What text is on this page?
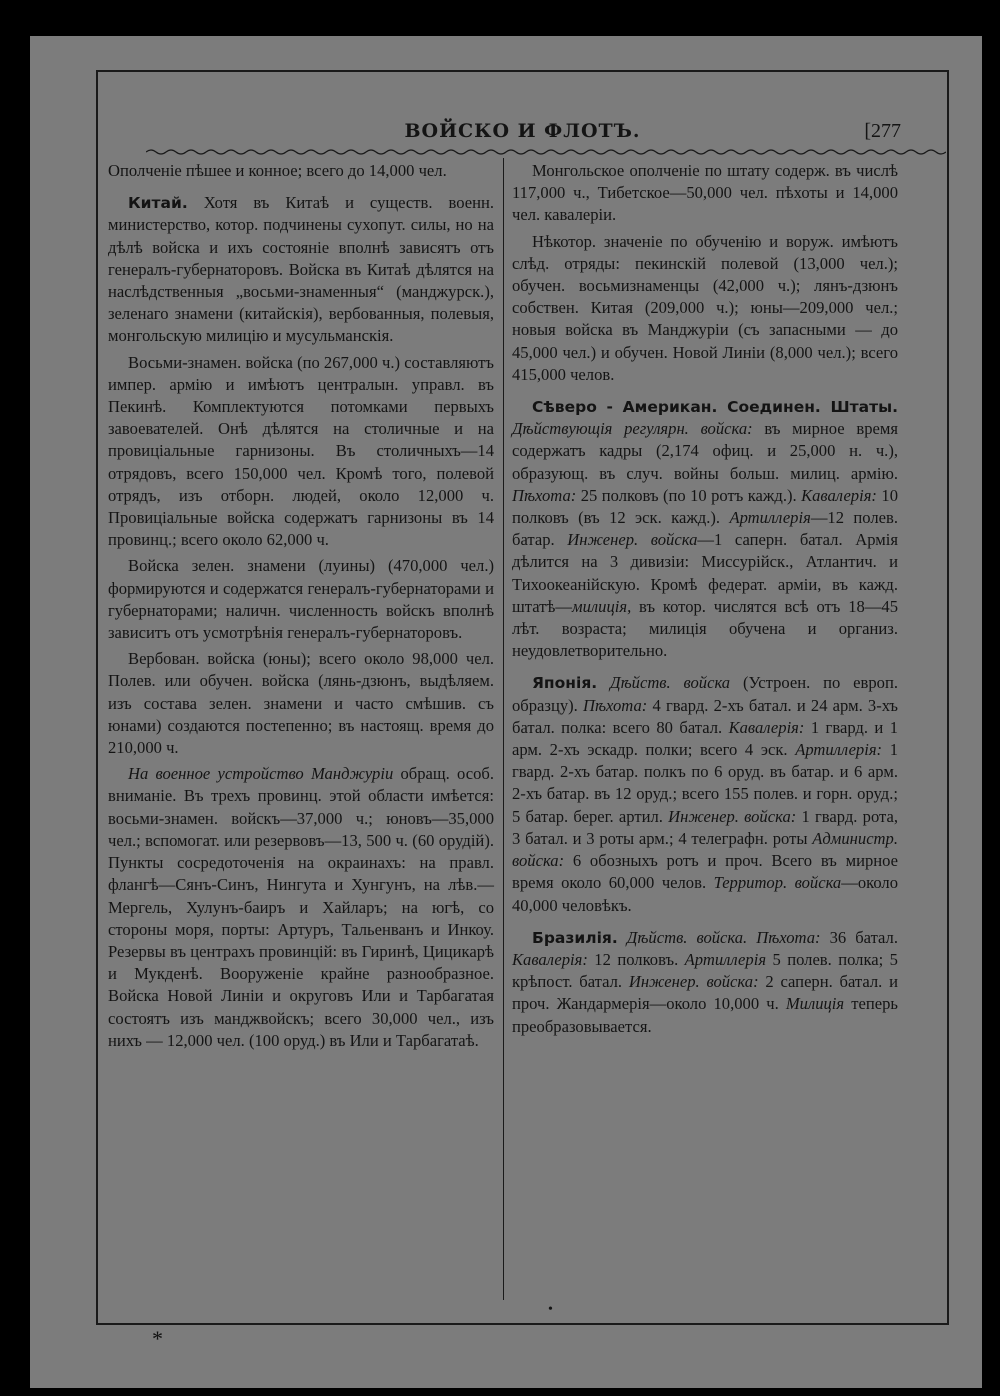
ВОЙСКО И ФЛОТЪ.	[277

Ополченіе пѣшее и конное; всего до 14,000 чел.

Китай. Хотя въ Китаѣ и существ. военн. министерство, котор. подчинены сухопут. силы, но на дѣлѣ войска и ихъ состояніе вполнѣ зависятъ отъ генералъ-губернаторовъ. Войска въ Китаѣ дѣлятся на наслѣдственныя „восьми-знаменныя“ (манджурск.), зеленаго знамени (китайскія), вербованныя, полевыя, монгольскую милицію и мусульманскія.

Восьми-знамен. войска (по 267,000 ч.) составляютъ импер. армію и имѣютъ централын. управл. въ Пекинѣ. Комплектуются потомками первыхъ завоевателей. Онѣ дѣлятся на столичные и на провиціальные гарнизоны. Въ столичныхъ—14 отрядовъ, всего 150,000 чел. Кромѣ того, полевой отрядъ, изъ отборн. людей, около 12,000 ч. Провиціальные войска содержатъ гарнизоны въ 14 провинц.; всего около 62,000 ч.

Войска зелен. знамени (луины) (470,000 чел.) формируются и содержатся генералъ-губернаторами и губернаторами; наличн. численность войскъ вполнѣ зависитъ отъ усмотрѣнія генералъ-губернаторовъ.

Вербован. войска (юны); всего около 98,000 чел. Полев. или обучен. войска (лянь-дзюнъ, выдѣляем. изъ состава зелен. знамени и часто смѣшив. съ юнами) создаются постепенно; въ настоящ. время до 210,000 ч.

На военное устройство Манджуріи обращ. особ. вниманіе. Въ трехъ провинц. этой области имѣется: восьми-знамен. войскъ—37,000 ч.; юновъ—35,000 чел.; вспомогат. или резервовъ—13, 500 ч. (60 орудій). Пункты сосредоточенія на окраинахъ: на правл. флангѣ—Сянъ-Синъ, Нингута и Хунгунъ, на лѣв.—Мергель, Хулунъ-баиръ и Хайларъ; на югѣ, со стороны моря, порты: Артуръ, Тальенванъ и Инкоу. Резервы въ центрахъ провинцій: въ Гиринѣ, Цицикарѣ и Мукденѣ. Вооруженіе крайне разнообразное. Войска Новой Линіи и округовъ Или и Тарбагатая состоятъ изъ манджвойскъ; всего 30,000 чел., изъ нихъ — 12,000 чел. (100 оруд.) въ Или и Тарбагатаѣ.

Монгольское ополченіе по штату содерж. въ числѣ 117,000 ч., Тибетское—50,000 чел. пѣхоты и 14,000 чел. кавалеріи.

Нѣкотор. значеніе по обученію и воруж. имѣютъ слѣд. отряды: пекинскій полевой (13,000 чел.); обучен. восьмизнаменцы (42,000 ч.); лянъ-дзюнъ собствен. Китая (209,000 ч.); юны—209,000 чел.; новыя войска въ Манджуріи (съ запасными — до 45,000 чел.) и обучен. Новой Линіи (8,000 чел.); всего 415,000 челов.

Сѣверо - Американ. Соединен. Штаты. Дѣйствующія регулярн. войска: въ мирное время содержатъ кадры (2,174 офиц. и 25,000 н. ч.), образующ. въ случ. войны больш. милиц. армію. Пѣхота: 25 полковъ (по 10 ротъ кажд.). Кавалерія: 10 полковъ (въ 12 эск. кажд.). Артиллерія—12 полев. батар. Инженер. войска—1 саперн. батал. Армія дѣлится на 3 дивизіи: Миссурійск., Атлантич. и Тихоокеанійскую. Кромѣ федерат. арміи, въ кажд. штатѣ—милиція, въ котор. числятся всѣ отъ 18—45 лѣт. возраста; милиція обучена и организ. неудовлетворительно.

Японія. Дѣйств. войска (Устроен. по европ. образцу). Пѣхота: 4 гвард. 2-хъ батал. и 24 арм. 3-хъ батал. полка: всего 80 батал. Кавалерія: 1 гвард. и 1 арм. 2-хъ эскадр. полки; всего 4 эск. Артиллерія: 1 гвард. 2-хъ батар. полкъ по 6 оруд. въ батар. и 6 арм. 2-хъ батар. въ 12 оруд.; всего 155 полев. и горн. оруд.; 5 батар. берег. артил. Инженер. войска: 1 гвард. рота, 3 батал. и 3 роты арм.; 4 телеграфн. роты Администр. войска: 6 обозныхъ ротъ и проч. Всего въ мирное время около 60,000 челов. Территор. войска—около 40,000 человѣкъ.

Бразилія. Дѣйств. войска. Пѣхота: 36 батал. Кавалерія: 12 полковъ. Артиллерія 5 полев. полка; 5 крѣпост. батал. Инженер. войска: 2 саперн. батал. и проч. Жандармерія—около 10,000 ч. Милиція теперь преобразовывается.

•
*
